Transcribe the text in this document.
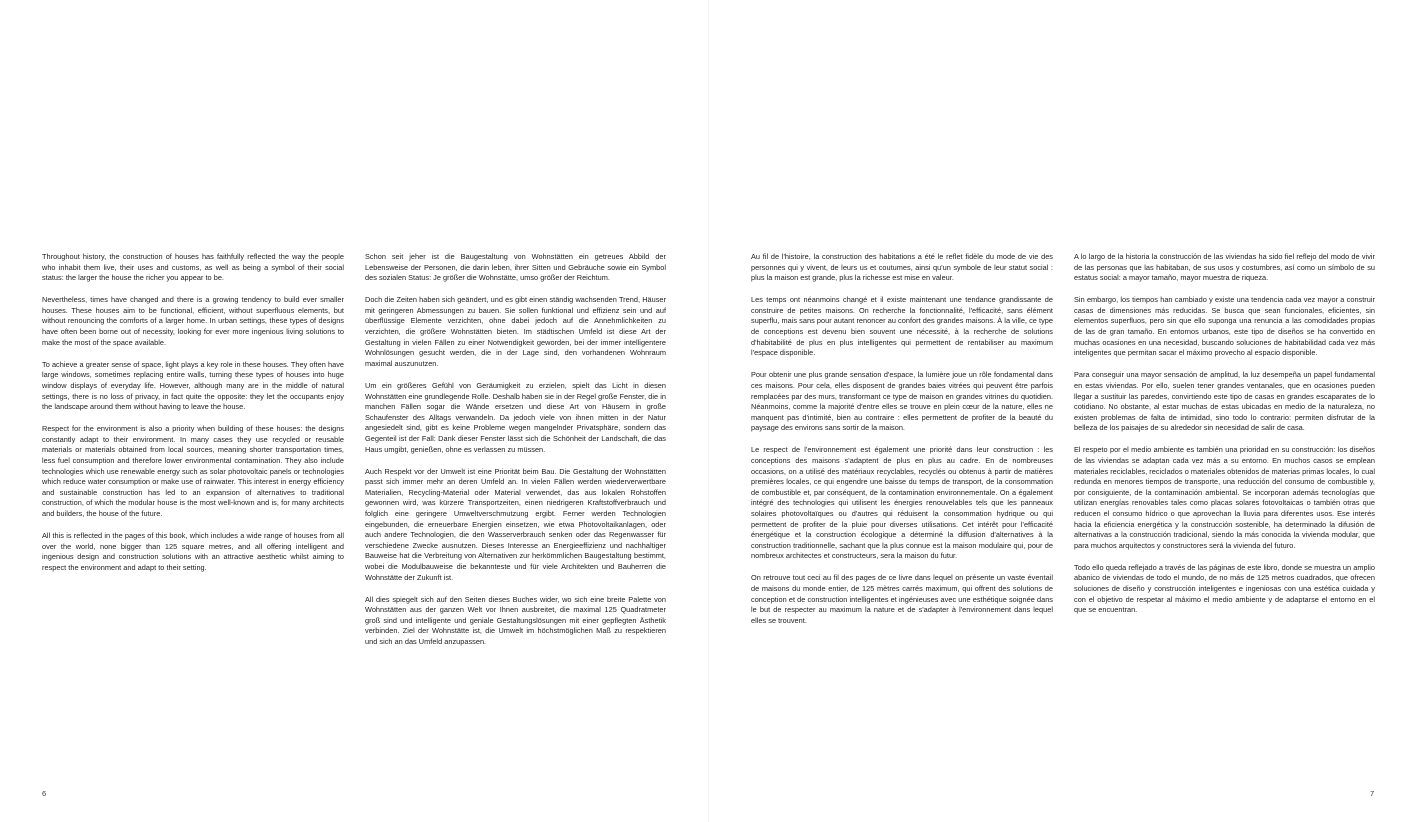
Throughout history, the construction of houses has faithfully reflected the way the people who inhabit them live, their uses and customs, as well as being a symbol of their social status: the larger the house the richer you appear to be.

Nevertheless, times have changed and there is a growing tendency to build ever smaller houses. These houses aim to be functional, efficient, without superfluous elements, but without renouncing the comforts of a larger home. In urban settings, these types of designs have often been borne out of necessity, looking for ever more ingenious living solutions to make the most of the space available.

To achieve a greater sense of space, light plays a key role in these houses. They often have large windows, sometimes replacing entire walls, turning these types of houses into huge window displays of everyday life. However, although many are in the middle of natural settings, there is no loss of privacy, in fact quite the opposite: they let the occupants enjoy the landscape around them without having to leave the house.

Respect for the environment is also a priority when building of these houses: the designs constantly adapt to their environment. In many cases they use recycled or reusable materials or materials obtained from local sources, meaning shorter transportation times, less fuel consumption and therefore lower environmental contamination. They also include technologies which use renewable energy such as solar photovoltaic panels or technologies which reduce water consumption or make use of rainwater. This interest in energy efficiency and sustainable construction has led to an expansion of alternatives to traditional construction, of which the modular house is the most well-known and is, for many architects and builders, the house of the future.

All this is reflected in the pages of this book, which includes a wide range of houses from all over the world, none bigger than 125 square metres, and all offering intelligent and ingenious design and construction solutions with an attractive aesthetic whilst aiming to respect the environment and adapt to their setting.

Schon seit jeher ist die Baugestaltung von Wohnstätten ein getreues Abbild der Lebensweise der Personen, die darin leben, ihrer Sitten und Gebräuche sowie ein Symbol des sozialen Status: Je größer die Wohnstätte, umso größer der Reichtum.

Doch die Zeiten haben sich geändert, und es gibt einen ständig wachsenden Trend, Häuser mit geringeren Abmessungen zu bauen. Sie sollen funktional und effizienz sein und auf überflüssige Elemente verzichten, ohne dabei jedoch auf die Annehmlichkeiten zu verzichten, die größere Wohnstätten bieten. Im städtischen Umfeld ist diese Art der Gestaltung in vielen Fällen zu einer Notwendigkeit geworden, bei der immer intelligentere Wohnlösungen gesucht werden, die in der Lage sind, den vorhandenen Wohnraum maximal auszunutzen.

Um ein größeres Gefühl von Geräumigkeit zu erzielen, spielt das Licht in diesen Wohnstätten eine grundlegende Rolle. Deshalb haben sie in der Regel große Fenster, die in manchen Fällen sogar die Wände ersetzen und diese Art von Häusern in große Schaufenster des Alltags verwandeln. Da jedoch viele von ihnen mitten in der Natur angesiedelt sind, gibt es keine Probleme wegen mangelnder Privatsphäre, sondern das Gegenteil ist der Fall: Dank dieser Fenster lässt sich die Schönheit der Landschaft, die das Haus umgibt, genießen, ohne es verlassen zu müssen.

Auch Respekt vor der Umwelt ist eine Priorität beim Bau. Die Gestaltung der Wohnstätten passt sich immer mehr an deren Umfeld an. In vielen Fällen werden wiederverwertbare Materialien, Recycling-Material oder Material verwendet, das aus lokalen Rohstoffen gewonnen wird, was kürzere Transportzeiten, einen niedrigeren Kraftstoffverbrauch und folglich eine geringere Umweltverschmutzung ergibt. Ferner werden Technologien eingebunden, die erneuerbare Energien einsetzen, wie etwa Photovoltaikanlagen, oder auch andere Technologien, die den Wasserverbrauch senken oder das Regenwasser für verschiedene Zwecke ausnutzen. Dieses Interesse an Energieeffizienz und nachhaltiger Bauweise hat die Verbreitung von Alternativen zur herkömmlichen Baugestaltung bestimmt, wobei die Modulbauweise die bekannteste und für viele Architekten und Bauherren die Wohnstätte der Zukunft ist.

All dies spiegelt sich auf den Seiten dieses Buches wider, wo sich eine breite Palette von Wohnstätten aus der ganzen Welt vor Ihnen ausbreitet, die maximal 125 Quadratmeter groß sind und intelligente und geniale Gestaltungslösungen mit einer gepflegten Ästhetik verbinden. Ziel der Wohnstätte ist, die Umwelt im höchstmöglichen Maß zu respektieren und sich an das Umfeld anzupassen.

6

Au fil de l'histoire, la construction des habitations a été le reflet fidèle du mode de vie des personnes qui y vivent, de leurs us et coutumes, ainsi qu'un symbole de leur statut social : plus la maison est grande, plus la richesse est mise en valeur.

Les temps ont néanmoins changé et il existe maintenant une tendance grandissante de construire de petites maisons. On recherche la fonctionnalité, l'efficacité, sans élément superflu, mais sans pour autant renoncer au confort des grandes maisons. À la ville, ce type de conceptions est devenu bien souvent une nécessité, à la recherche de solutions d'habitabilité de plus en plus intelligentes qui permettent de rentabiliser au maximum l'espace disponible.

Pour obtenir une plus grande sensation d'espace, la lumière joue un rôle fondamental dans ces maisons. Pour cela, elles disposent de grandes baies vitrées qui peuvent être parfois remplacées par des murs, transformant ce type de maison en grandes vitrines du quotidien. Néanmoins, comme la majorité d'entre elles se trouve en plein cœur de la nature, elles ne manquent pas d'intimité, bien au contraire : elles permettent de profiter de la beauté du paysage des environs sans sortir de la maison.

Le respect de l'environnement est également une priorité dans leur construction : les conceptions des maisons s'adaptent de plus en plus au cadre. En de nombreuses occasions, on a utilisé des matériaux recyclables, recyclés ou obtenus à partir de matières premières locales, ce qui engendre une baisse du temps de transport, de la consommation de combustible et, par conséquent, de la contamination environnementale. On a également intégré des technologies qui utilisent les énergies renouvelables tels que les panneaux solaires photovoltaïques ou d'autres qui réduisent la consommation hydrique ou qui permettent de profiter de la pluie pour diverses utilisations. Cet intérêt pour l'efficacité énergétique et la construction écologique a déterminé la diffusion d'alternatives à la construction traditionnelle, sachant que la plus connue est la maison modulaire qui, pour de nombreux architectes et constructeurs, sera la maison du futur.

On retrouve tout ceci au fil des pages de ce livre dans lequel on présente un vaste éventail de maisons du monde entier, de 125 mètres carrés maximum, qui offrent des solutions de conception et de construction intelligentes et ingénieuses avec une esthétique soignée dans le but de respecter au maximum la nature et de s'adapter à l'environnement dans lequel elles se trouvent.

A lo largo de la historia la construcción de las viviendas ha sido fiel reflejo del modo de vivir de las personas que las habitaban, de sus usos y costumbres, así como un símbolo de su estatus social: a mayor tamaño, mayor muestra de riqueza.

Sin embargo, los tiempos han cambiado y existe una tendencia cada vez mayor a construir casas de dimensiones más reducidas. Se busca que sean funcionales, eficientes, sin elementos superfluos, pero sin que ello suponga una renuncia a las comodidades propias de las de gran tamaño. En entornos urbanos, este tipo de diseños se ha convertido en muchas ocasiones en una necesidad, buscando soluciones de habitabilidad cada vez más inteligentes que permitan sacar el máximo provecho al espacio disponible.

Para conseguir una mayor sensación de amplitud, la luz desempeña un papel fundamental en estas viviendas. Por ello, suelen tener grandes ventanales, que en ocasiones pueden llegar a sustituir las paredes, convirtiendo este tipo de casas en grandes escaparates de lo cotidiano. No obstante, al estar muchas de estas ubicadas en medio de la naturaleza, no existen problemas de falta de intimidad, sino todo lo contrario: permiten disfrutar de la belleza de los paisajes de su alrededor sin necesidad de salir de casa.

El respeto por el medio ambiente es también una prioridad en su construcción: los diseños de las viviendas se adaptan cada vez más a su entorno. En muchos casos se emplean materiales reciclables, reciclados o materiales obtenidos de materias primas locales, lo cual redunda en menores tiempos de transporte, una reducción del consumo de combustible y, por consiguiente, de la contaminación ambiental. Se incorporan además tecnologías que utilizan energías renovables tales como placas solares fotovoltaicas o también otras que reducen el consumo hídrico o que aprovechan la lluvia para diferentes usos. Ese interés hacia la eficiencia energética y la construcción sostenible, ha determinado la difusión de alternativas a la construcción tradicional, siendo la más conocida la vivienda modular, que para muchos arquitectos y constructores será la vivienda del futuro.

Todo ello queda reflejado a través de las páginas de este libro, donde se muestra un amplio abanico de viviendas de todo el mundo, de no más de 125 metros cuadrados, que ofrecen soluciones de diseño y construcción inteligentes e ingeniosas con una estética cuidada y con el objetivo de respetar al máximo el medio ambiente y de adaptarse el entorno en el que se encuentran.

7
